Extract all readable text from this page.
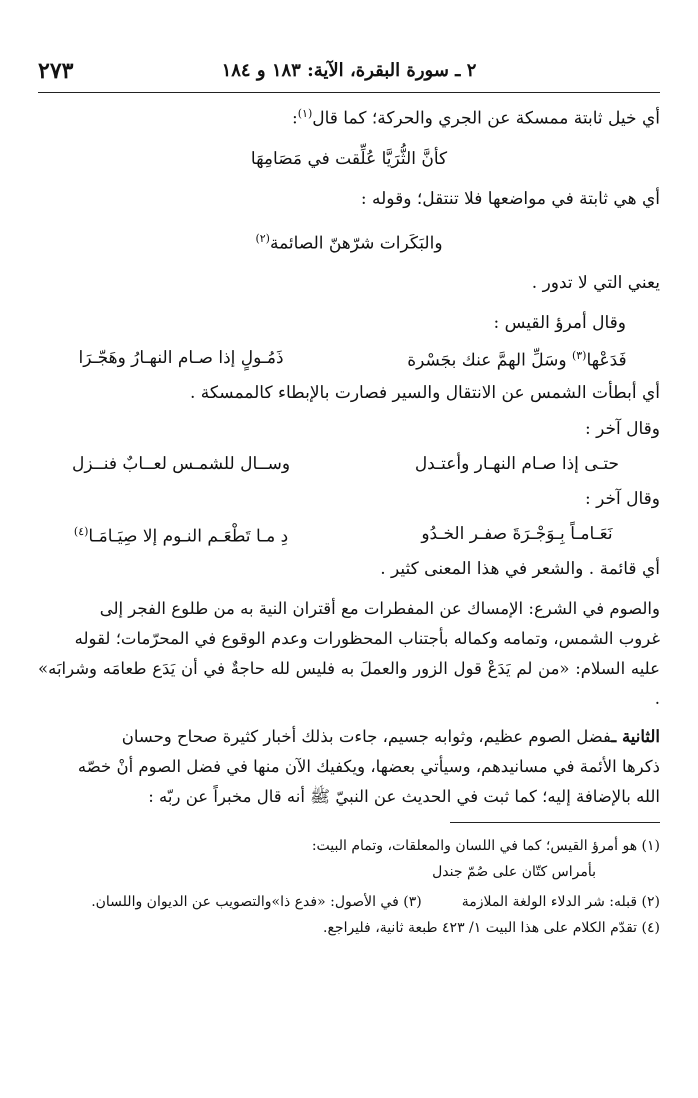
٢ ـ سورة البقرة، الآية: ١٨٣ و ١٨٤
٢٧٣

أي خيل ثابتة ممسكة عن الجري والحركة؛ كما قال$^{(١)}$:

كأنَّ الثُّرَيَّا عُلِّقت في مَصَامِهَا

أي هي ثابتة في مواضعها فلا تنتقل؛ وقوله :

والبَكَرات شرّهنّ الصائمة$^{(٢)}$

يعني التي لا تدور .

وقال أمرؤ القيس :

فَدَعْها$^{(٣)}$ وسَلِّ الهمَّ عنك بجَسْرة
ذَمُـولٍ إذا صـام النهـارُ وهَجّـرَا

أي أبطأت الشمس عن الانتقال والسير فصارت بالإبطاء كالممسكة .

وقال آخر :

حتـى إذا صـام النهـار وأعتـدل
وســال للشمـس لعــابٌ فنــزل

وقال آخر :

نَعَـامـاً بِـوَجْـرَةَ صفـر الخـدُو
دِ مـا تَطْعَـم النـوم إلا صِيَـامَـا$^{(٤)}$

أي قائمة . والشعر في هذا المعنى كثير .

والصوم في الشرع: الإمساك عن المفطرات مع أقتران النية به من طلوع الفجر إلى

غروب الشمس، وتمامه وكماله بأجتناب المحظورات وعدم الوقوع في المحرّمات؛ لقوله

عليه السلام: «من لم يَدَعْ قول الزور والعملَ به فليس لله حاجةٌ في أن يَدَع طعامَه وشرابَه» .

الثانية ـفضل الصوم عظيم، وثوابه جسيم، جاءت بذلك أخبار كثيرة صحاح وحسان

ذكرها الأئمة في مسانيدهم، وسيأتي بعضها، ويكفيك الآن منها في فضل الصوم أنْ خصّه

الله بالإضافة إليه؛ كما ثبت في الحديث عن النبيّ ﷺ أنه قال مخبراً عن ربّه :

(١) هو أمرؤ القيس؛ كما في اللسان والمعلقات، وتمام البيت:

بأمراس كتّان على صُمّ جندل

(٢) قبله: شر الدلاء الولغة الملازمة
(٣) في الأصول: «فدع ذا»والتصويب عن الديوان واللسان.

(٤) تقدّم الكلام على هذا البيت ١/ ٤٢٣ طبعة ثانية، فليراجع.
